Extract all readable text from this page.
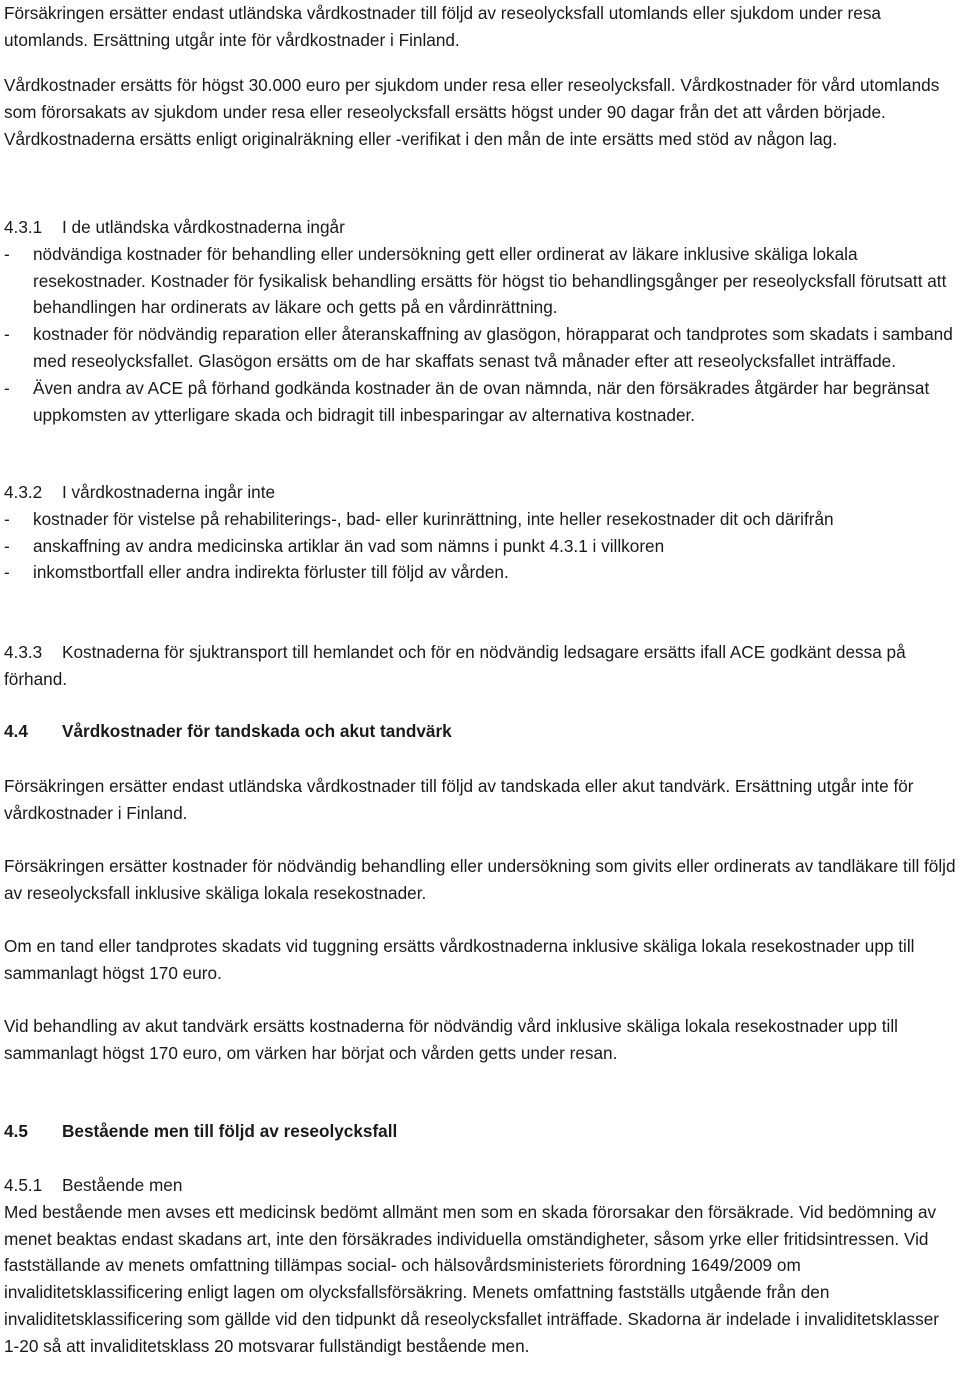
Försäkringen ersätter endast utländska vårdkostnader till följd av reseolycksfall utomlands eller sjukdom under resa utomlands. Ersättning utgår inte för vårdkostnader i Finland.

Vårdkostnader ersätts för högst 30.000 euro per sjukdom under resa eller reseolycksfall. Vårdkostnader för vård utomlands som förorsakats av sjukdom under resa eller reseolycksfall ersätts högst under 90 dagar från det att vården började. Vårdkostnaderna ersätts enligt originalräkning eller -verifikat i den mån de inte ersätts med stöd av någon lag.

4.3.1 I de utländska vårdkostnaderna ingår

-	nödvändiga kostnader för behandling eller undersökning gett eller ordinerat av läkare inklusive skäliga lokala resekostnader. Kostnader för fysikalisk behandling ersätts för högst tio behandlingsgånger per reseolycksfall förutsatt att behandlingen har ordinerats av läkare och getts på en vårdinrättning.
-	kostnader för nödvändig reparation eller återanskaffning av glasögon, hörapparat och tandprotes som skadats i samband med reseolycksfallet. Glasögon ersätts om de har skaffats senast två månader efter att reseolycksfallet inträffade.
-	Även andra av ACE på förhand godkända kostnader än de ovan nämnda, när den försäkrades åtgärder har begränsat uppkomsten av ytterligare skada och bidragit till inbesparingar av alternativa kostnader.

4.3.2 I vårdkostnaderna ingår inte

-	kostnader för vistelse på rehabiliterings-, bad- eller kurinrättning, inte heller resekostnader dit och därifrån
-	anskaffning av andra medicinska artiklar än vad som nämns i punkt 4.3.1 i villkoren
-	inkomstbortfall eller andra indirekta förluster till följd av vården.

4.3.3 Kostnaderna för sjuktransport till hemlandet och för en nödvändig ledsagare ersätts ifall ACE godkänt dessa på förhand.

4.4 Vårdkostnader för tandskada och akut tandvärk

Försäkringen ersätter endast utländska vårdkostnader till följd av tandskada eller akut tandvärk. Ersättning utgår inte för vårdkostnader i Finland.

Försäkringen ersätter kostnader för nödvändig behandling eller undersökning som givits eller ordinerats av tandläkare till följd av reseolycksfall inklusive skäliga lokala resekostnader.

Om en tand eller tandprotes skadats vid tuggning ersätts vårdkostnaderna inklusive skäliga lokala resekostnader upp till sammanlagt högst 170 euro.

Vid behandling av akut tandvärk ersätts kostnaderna för nödvändig vård inklusive skäliga lokala resekostnader upp till sammanlagt högst 170 euro, om värken har börjat och vården getts under resan.

4.5 Bestående men till följd av reseolycksfall

4.5.1 Bestående men

Med bestående men avses ett medicinsk bedömt allmänt men som en skada förorsakar den försäkrade. Vid bedömning av menet beaktas endast skadans art, inte den försäkrades individuella omständigheter, såsom yrke eller fritidsintressen. Vid fastställande av menets omfattning tillämpas social- och hälsovårdsministeriets förordning 1649/2009 om invaliditetsklassificering enligt lagen om olycksfallsförsäkring. Menets omfattning fastställs utgående från den invaliditetsklassificering som gällde vid den tidpunkt då reseolycksfallet inträffade. Skadorna är indelade i invaliditetsklasser 1-20 så att invaliditetsklass 20 motsvarar fullständigt bestående men.
